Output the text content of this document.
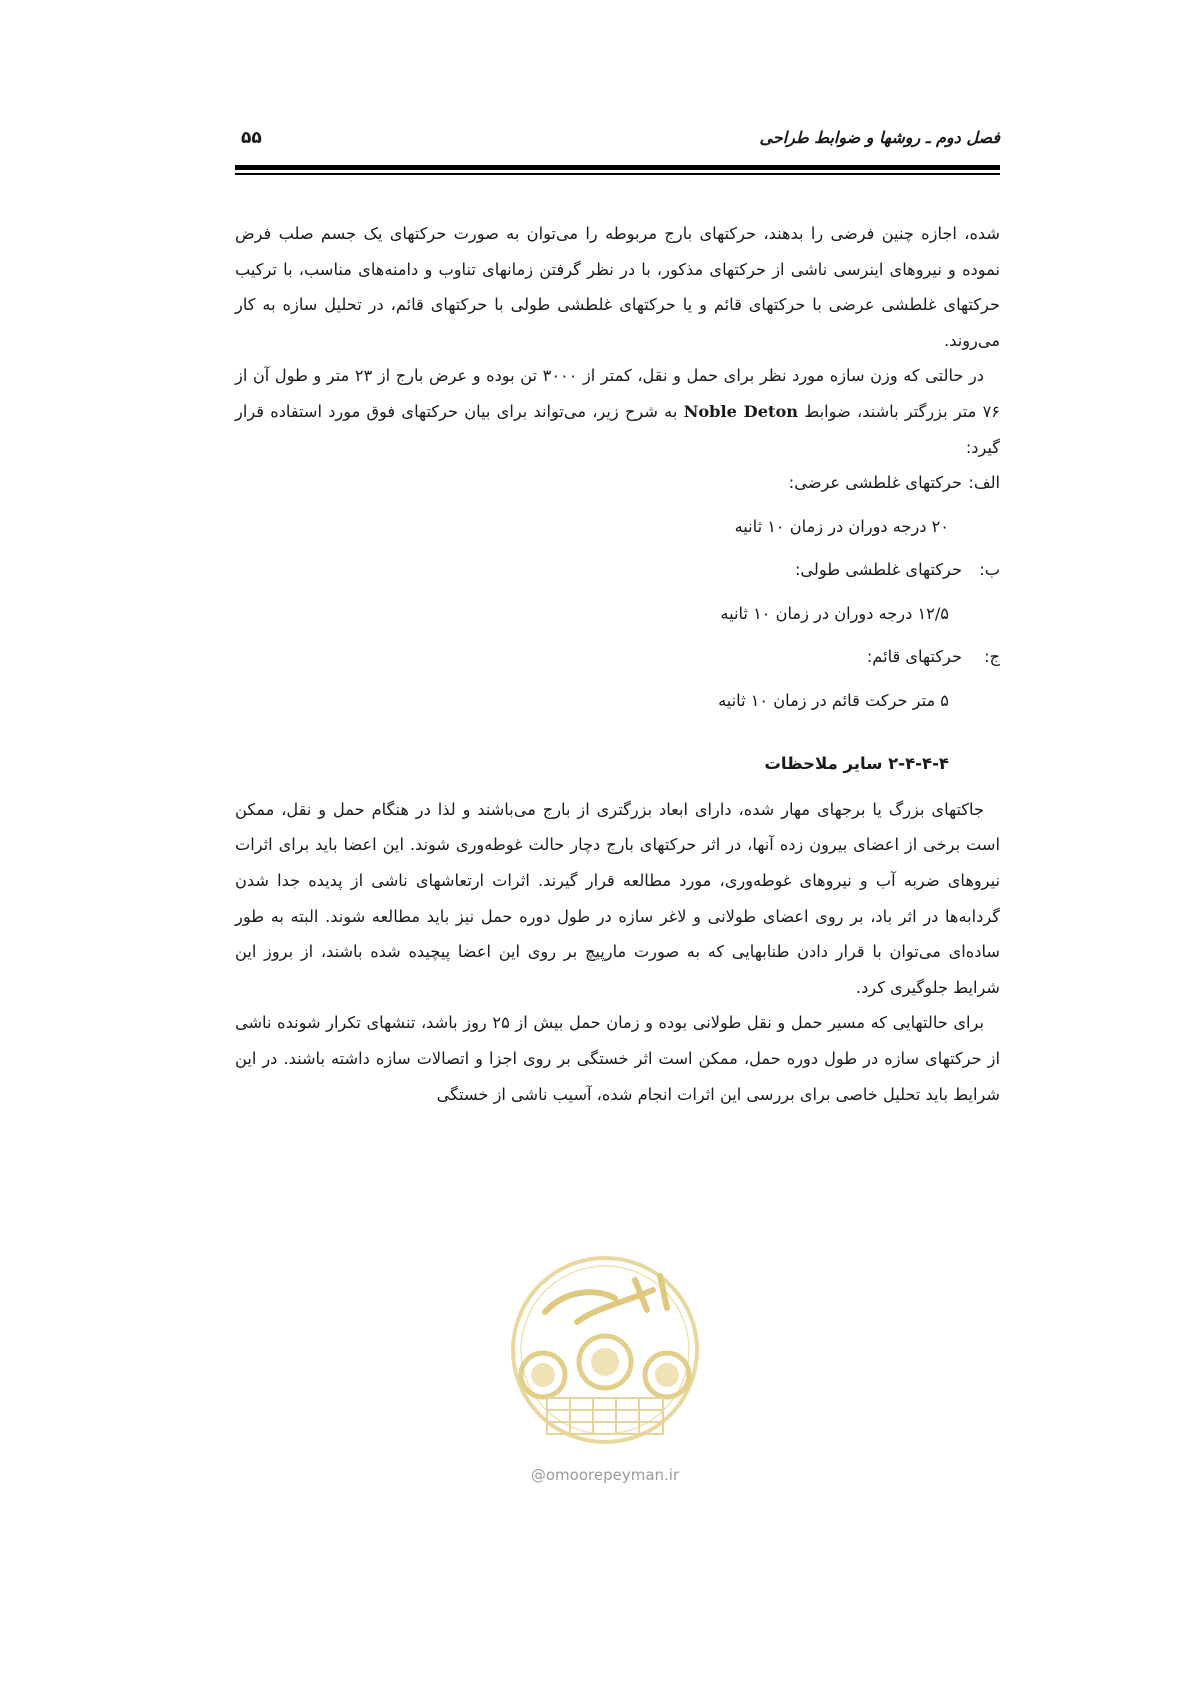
فصل دوم ـ روشها و ضوابط طراحی
۵۵

شده، اجازه چنین فرضی را بدهند، حرکتهای بارج مربوطه را می‌توان به صورت حرکتهای یک جسم صلب فرض نموده و نیروهای اینرسی ناشی از حرکتهای مذکور، با در نظر گرفتن زمانهای تناوب و دامنه‌های مناسب، با ترکیب حرکتهای غلطشی عرضی با حرکتهای قائم و یا حرکتهای غلطشی طولی با حرکتهای قائم، در تحلیل سازه به کار می‌روند.

در حالتی که وزن سازه مورد نظر برای حمل و نقل، کمتر از ۳۰۰۰ تن بوده و عرض بارج از ۲۳ متر و طول آن از ۷۶ متر بزرگتر باشند، ضوابط Noble Deton به شرح زیر، می‌تواند برای بیان حرکتهای فوق مورد استفاده قرار گیرد:

الف:
حرکتهای غلطشی عرضی:
۲۰ درجه دوران در زمان ۱۰ ثانیه
ب:
حرکتهای غلطشی طولی:
۱۲/۵ درجه دوران در زمان ۱۰ ثانیه
ج:
حرکتهای قائم:
۵ متر حرکت قائم در زمان ۱۰ ثانیه
۲-۴-۴-۴ سایر ملاحظات

جاکتهای بزرگ یا برجهای مهار شده، دارای ابعاد بزرگتری از بارج می‌باشند و لذا در هنگام حمل و نقل، ممکن است برخی از اعضای بیرون زده آنها، در اثر حرکتهای بارج دچار حالت غوطه‌وری شوند. این اعضا باید برای اثرات نیروهای ضربه آب و نیروهای غوطه‌وری، مورد مطالعه قرار گیرند. اثرات ارتعاشهای ناشی از پدیده جدا شدن گردابه‌ها در اثر باد، بر روی اعضای طولانی و لاغر سازه در طول دوره حمل نیز باید مطالعه شوند. البته به طور ساده‌ای می‌توان با قرار دادن طنابهایی که به صورت مارپیچ بر روی این اعضا پیچیده شده باشند، از بروز این شرایط جلوگیری کرد.

برای حالتهایی که مسیر حمل و نقل طولانی بوده و زمان حمل بیش از ۲۵ روز باشد، تنشهای تکرار شونده ناشی از حرکتهای سازه در طول دوره حمل، ممکن است اثر خستگی بر روی اجزا و اتصالات سازه داشته باشند. در این شرایط باید تحلیل خاصی برای بررسی این اثرات انجام شده، آسیب ناشی از خستگی

@omoorepeyman.ir
